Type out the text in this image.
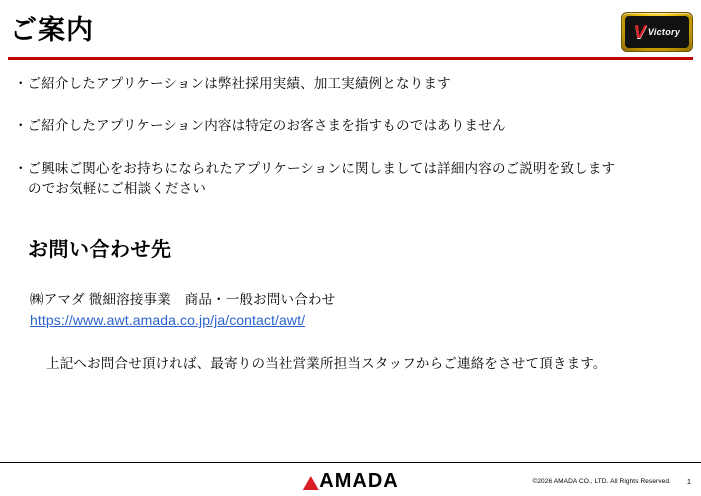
ご案内	V Victory
・ご紹介したアプリケーションは弊社採用実績、加工実績例となります
・ご紹介したアプリケーション内容は特定のお客さまを指すものではありません
・ご興味ご関心をお持ちになられたアプリケーションに関しましては詳細内容のご説明を致します
のでお気軽にご相談ください
お問い合わせ先
㈱アマダ 微細溶接事業　商品・一般お問い合わせ
https://www.awt.amada.co.jp/ja/contact/awt/
上記へお問合せ頂ければ、最寄りの当社営業所担当スタッフからご連絡をさせて頂きます。
AMADA	©2026 AMADA CO., LTD. All Rights Reserved. 1
